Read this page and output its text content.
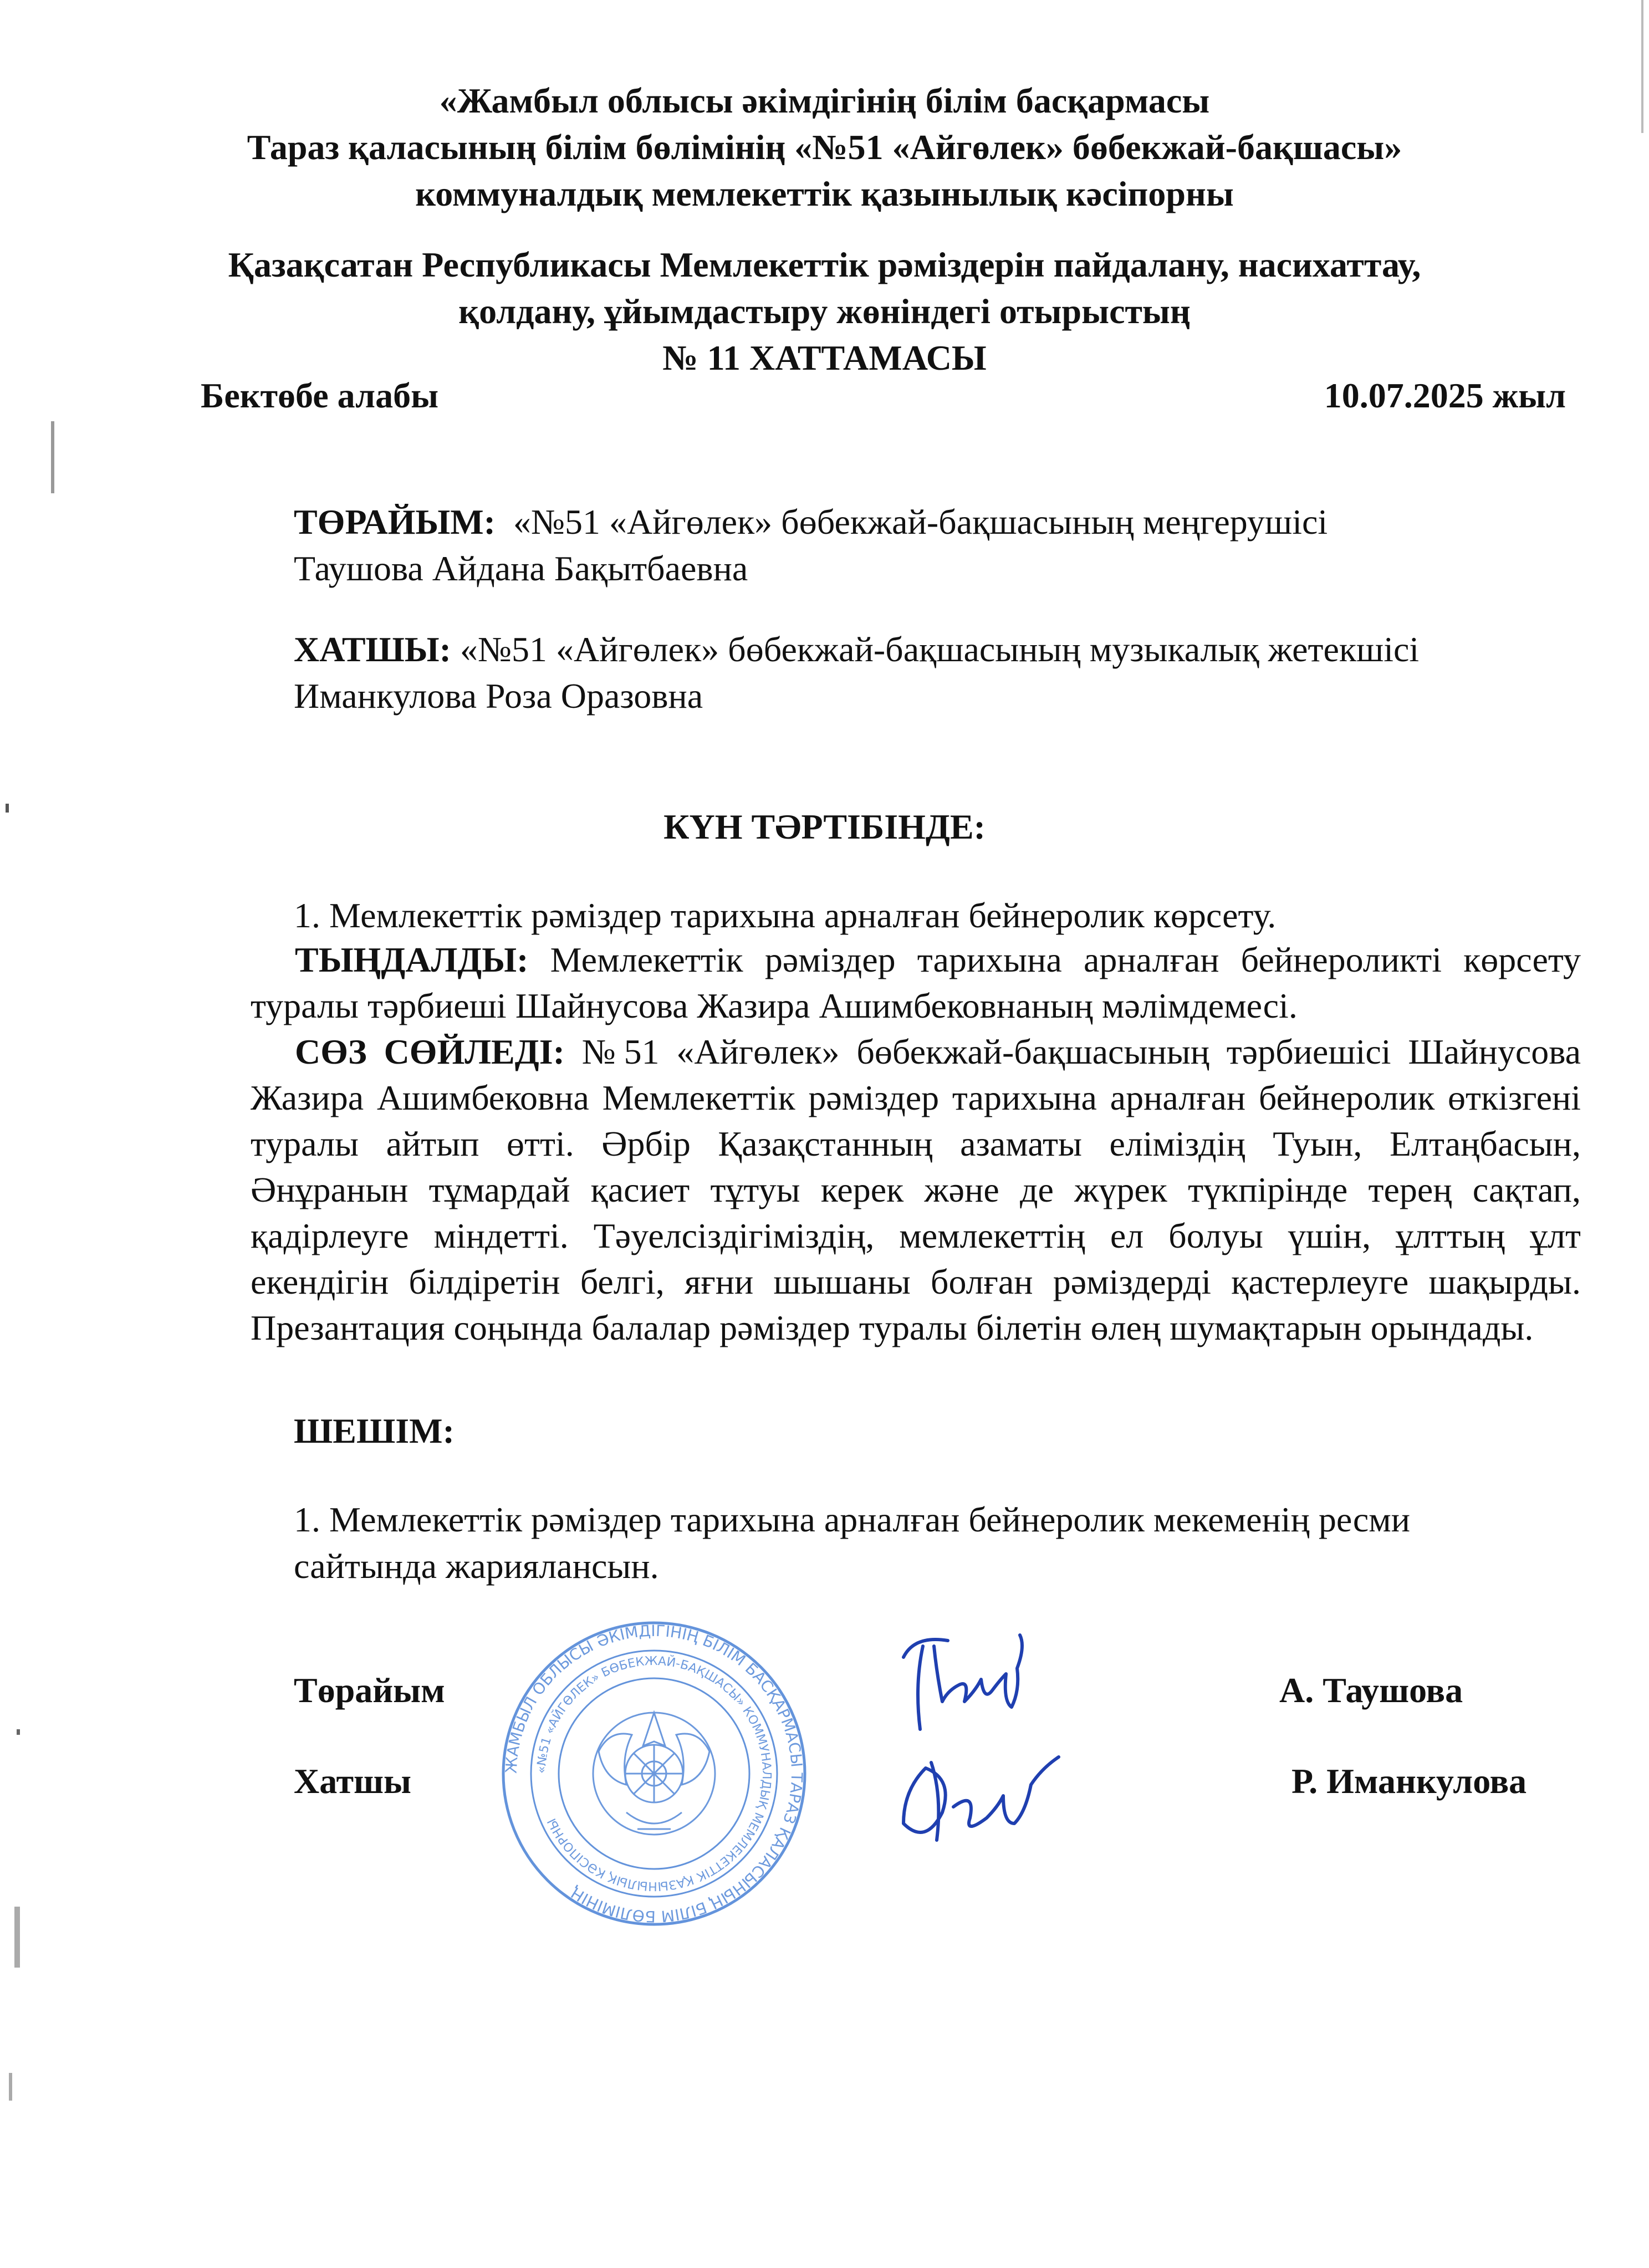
«Жамбыл облысы әкімдігінің білім басқармасы
Тараз қаласының білім бөлімінің «№51 «Айгөлек» бөбекжай-бақшасы»
коммуналдық мемлекеттік қазынылық кәсіпорны
Қазақсатан Республикасы Мемлекеттік рәміздерін пайдалану, насихаттау,
қолдану, ұйымдастыру жөніндегі отырыстың
№ 11 ХАТТАМАСЫ
Бектөбе алабы	10.07.2025 жыл
ТӨРАЙЫМ: «№51 «Айгөлек» бөбекжай-бақшасының меңгерушісі
Таушова Айдана Бақытбаевна
ХАТШЫ: «№51 «Айгөлек» бөбекжай-бақшасының музыкалық жетекшісі
Иманкулова Роза Оразовна
КҮН ТӘРТІБІНДЕ:
1. Мемлекеттік рәміздер тарихына арналған бейнеролик көрсету.
ТЫҢДАЛДЫ: Мемлекеттік рәміздер тарихына арналған бейнероликті көрсету туралы тәрбиеші Шайнусова Жазира Ашимбековнаның мәлімдемесі.
СӨЗ СӨЙЛЕДІ: №51 «Айгөлек» бөбекжай-бақшасының тәрбиешісі Шайнусова Жазира Ашимбековна Мемлекеттік рәміздер тарихына арналған бейнеролик өткізгені туралы айтып өтті. Әрбір Қазақстанның азаматы еліміздің Туын, Елтаңбасын, Әнұранын тұмардай қасиет тұтуы керек және де жүрек түкпірінде терең сақтап, қадірлеуге міндетті. Тәуелсіздігіміздің, мемлекеттің ел болуы үшін, ұлттың ұлт екендігін білдіретін белгі, яғни шышаны болған рәміздерді қастерлеуге шақырды. Презантация соңында балалар рәміздер туралы білетін өлең шумақтарын орындады.
ШЕШІМ:
1. Мемлекеттік рәміздер тарихына арналған бейнеролик мекеменің ресми сайтында жариялансын.
Төрайым	А. Таушова
Хатшы	Р. Иманкулова
ЖАМБЫЛ ОБЛЫСЫ ӘКІМДІГІНІҢ БІЛІМ БАСҚАРМАСЫ ТАРАЗ ҚАЛАСЫНЫҢ БІЛІМ БӨЛІМІНІҢ
«№51 «АЙГӨЛЕК» БӨБЕКЖАЙ-БАҚШАСЫ» КОММУНАЛДЫҚ МЕМЛЕКЕТТІК ҚАЗЫНЫЛЫҚ КӘСІПОРНЫ
